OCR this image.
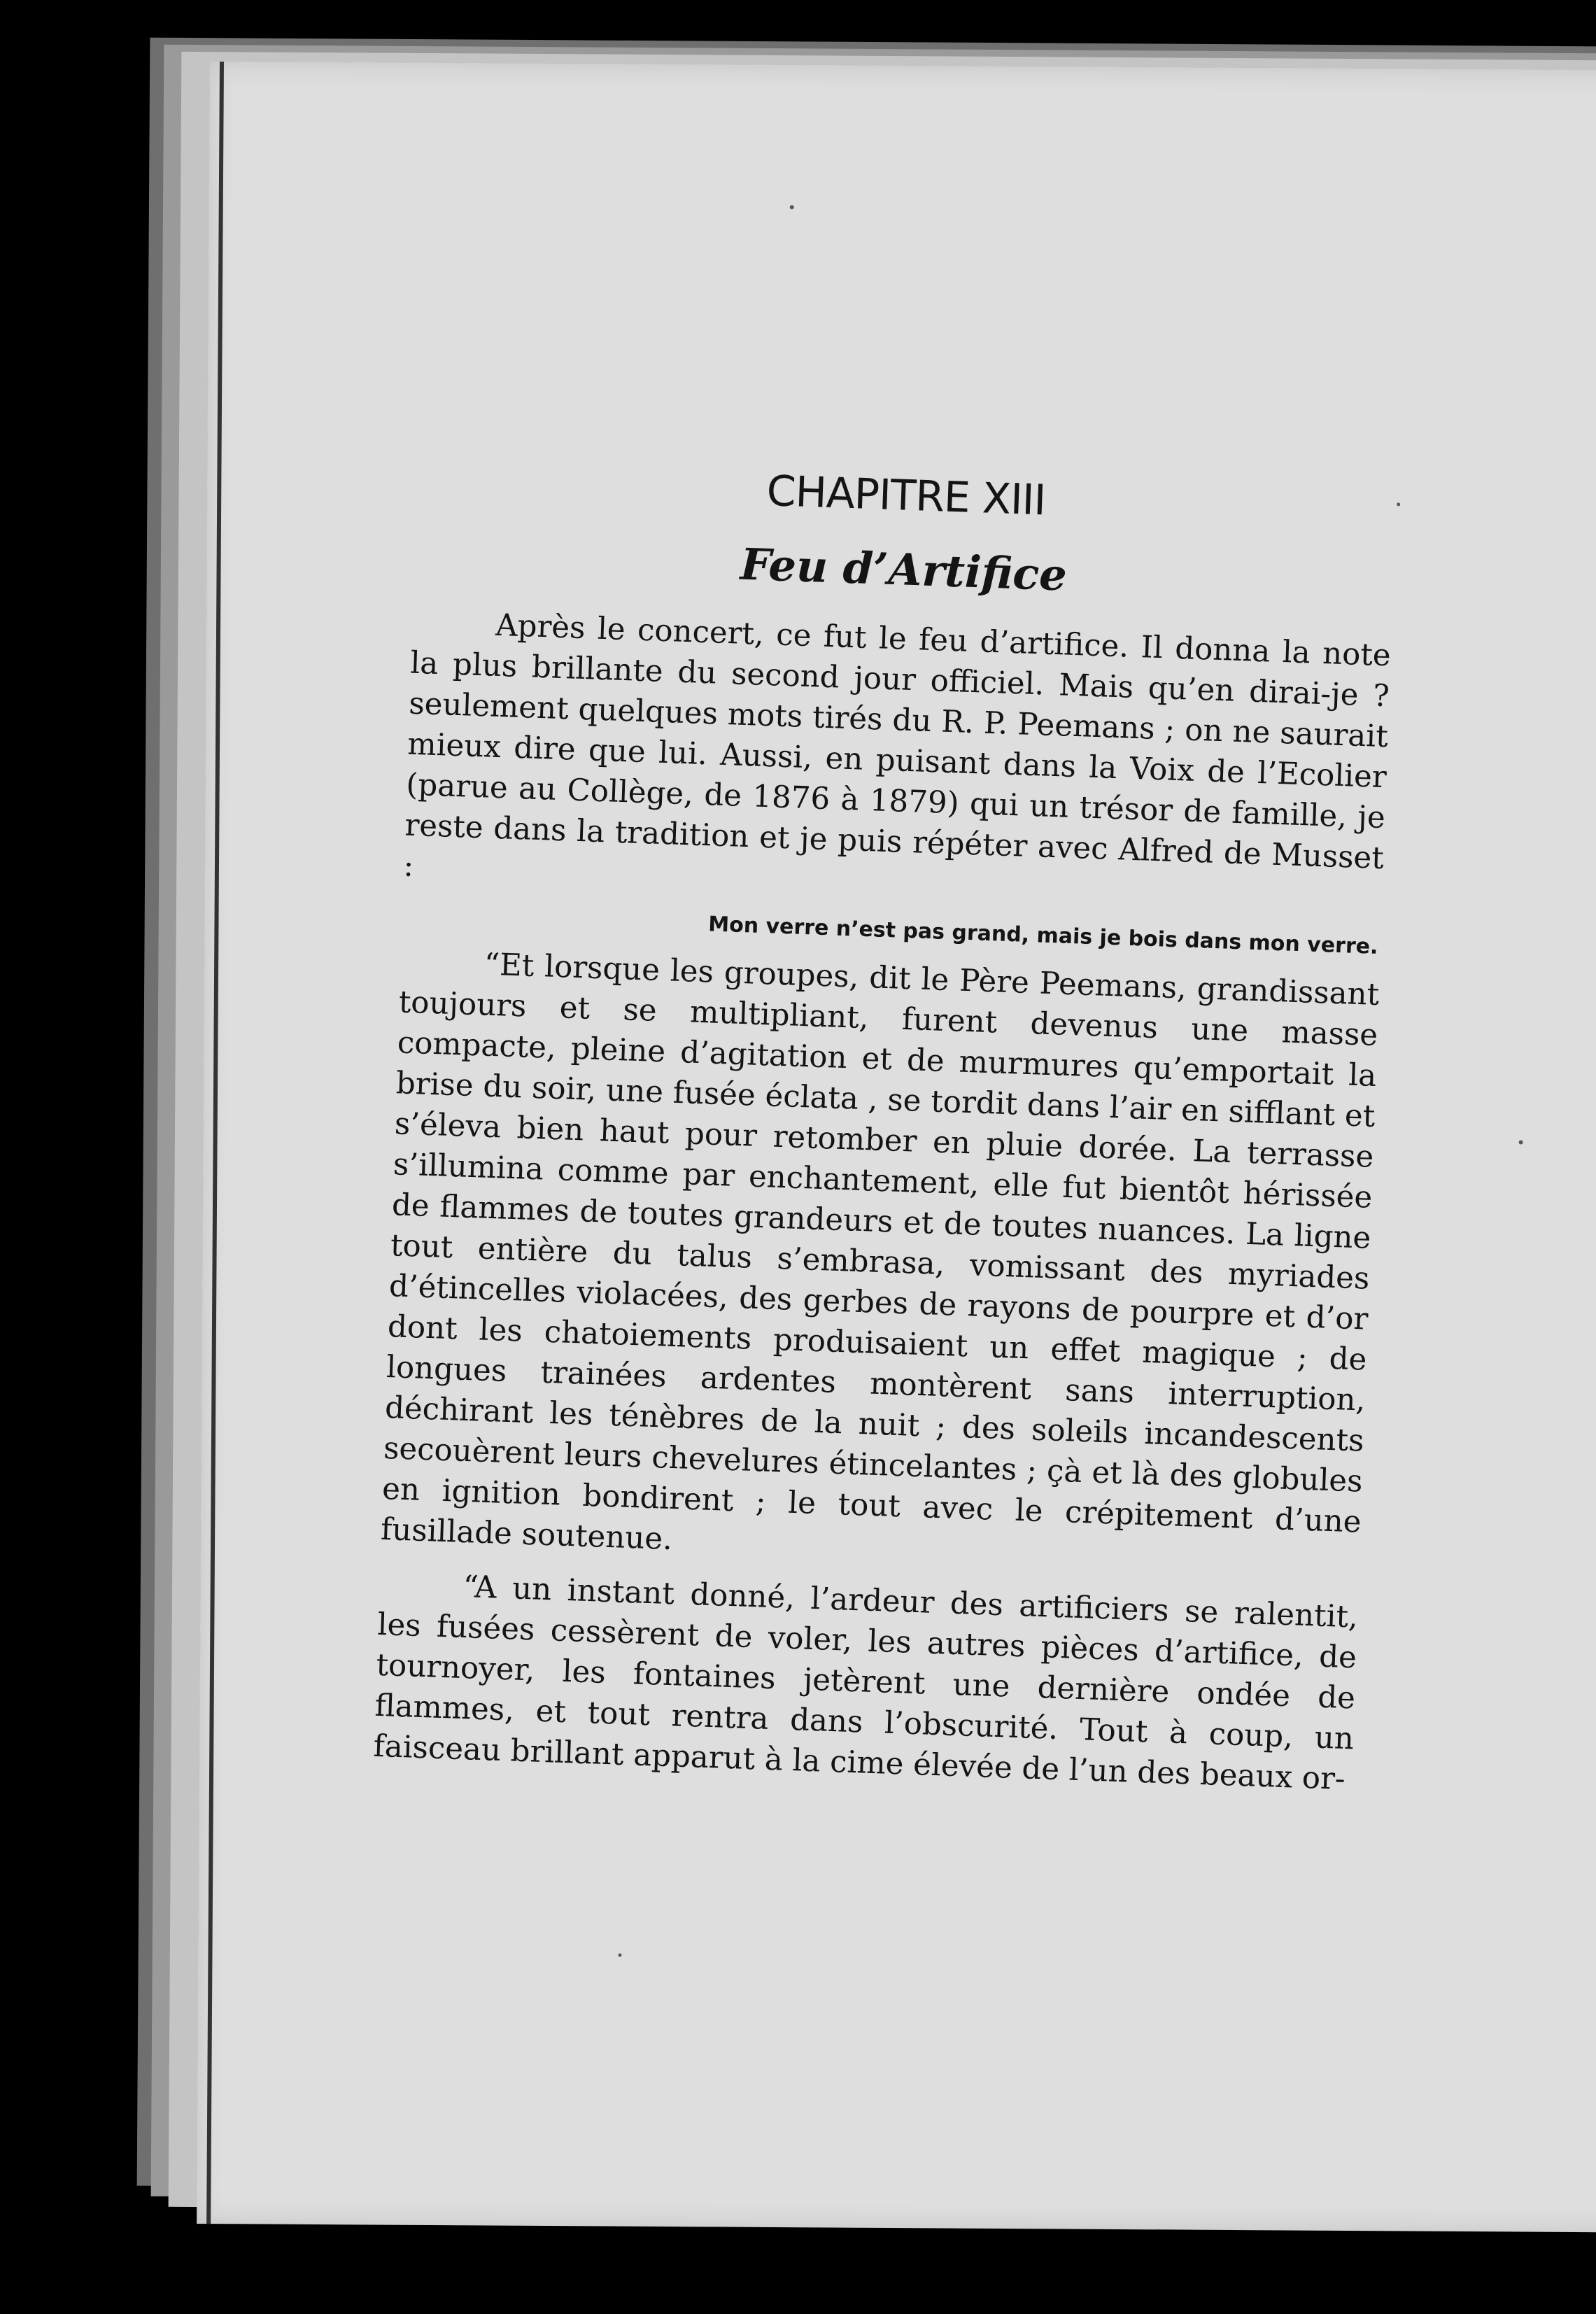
CHAPITRE XIII
Feu d’Artifice

Après le concert, ce fut le feu d’artifice. Il donna la note la plus brillante du second jour officiel. Mais qu’en dirai-je ? seulement quelques mots tirés du R. P. Peemans ; on ne saurait mieux dire que lui. Aussi, en puisant dans la Voix de l’Ecolier (parue au Collège, de 1876 à 1879) qui un trésor de famille, je reste dans la tradition et je puis répéter avec Alfred de Musset :

Mon verre n’est pas grand, mais je bois dans mon verre.

“Et lorsque les groupes, dit le Père Peemans, grandissant toujours et se multipliant, furent devenus une masse compacte, pleine d’agitation et de murmures qu’emportait la brise du soir, une fusée éclata , se tordit dans l’air en sifflant et s’éleva bien haut pour retomber en pluie dorée. La terrasse s’illumina comme par enchantement, elle fut bientôt hérissée de flammes de toutes grandeurs et de toutes nuances. La ligne tout entière du talus s’embrasa, vomissant des myriades d’étincelles violacées, des gerbes de rayons de pourpre et d’or dont les chatoiements produisaient un effet magique ; de longues trainées ardentes montèrent sans interruption, déchirant les ténèbres de la nuit ; des soleils incandescents secouèrent leurs chevelures étincelantes ; çà et là des globules en ignition bondirent ; le tout avec le crépitement d’une fusillade soutenue.

“A un instant donné, l’ardeur des artificiers se ralentit, les fusées cessèrent de voler, les autres pièces d’artifice, de tournoyer, les fontaines jetèrent une dernière ondée de flammes, et tout rentra dans l’obscurité. Tout à coup, un faisceau brillant apparut à la cime élevée de l’un des beaux or-
